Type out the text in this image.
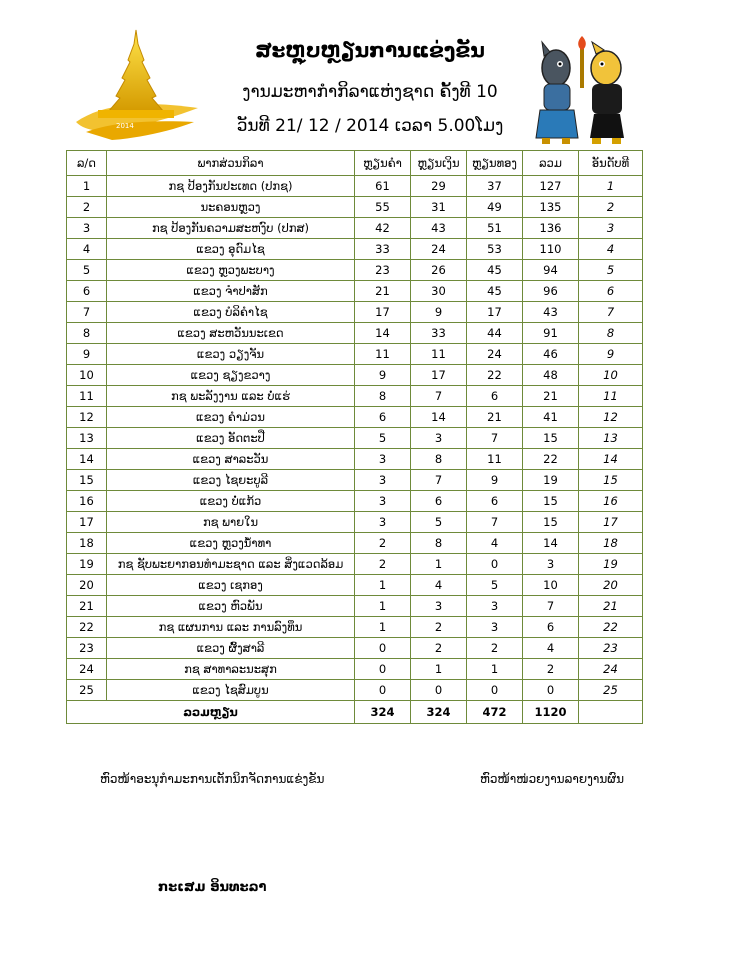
2014
ສະຫຼຸບຫຼຽນການແຂ່ງຂັນ
ງານມະຫາກຳກິລາແຫ່ງຊາດ ຄັ້ງທີ 10
ວັນທີ 21/ 12 / 2014 ເວລາ 5.00ໂມງ
ລ/ດ	ພາກສ່ວນກິລາ	ຫຼຽນຄຳ	ຫຼຽນເງິນ	ຫຼຽນທອງ	ລວມ	ອັນດັບທີ
1	ກຊ ປ້ອງກັນປະເທດ (ປກຊ)	61	29	37	127	1
2	ນະຄອນຫຼວງ	55	31	49	135	2
3	ກຊ ປ້ອງກັນຄວາມສະຫງົບ (ປກສ)	42	43	51	136	3
4	ແຂວງ ອຸດົມໄຊ	33	24	53	110	4
5	ແຂວງ ຫຼວງພະບາງ	23	26	45	94	5
6	ແຂວງ ຈຳປາສັກ	21	30	45	96	6
7	ແຂວງ ບໍລິຄຳໄຊ	17	9	17	43	7
8	ແຂວງ ສະຫວັນນະເຂດ	14	33	44	91	8
9	ແຂວງ ວຽງຈັນ	11	11	24	46	9
10	ແຂວງ ຊຽງຂວາງ	9	17	22	48	10
11	ກຊ ພະລັງງານ ແລະ ບໍ່ແຮ່	8	7	6	21	11
12	ແຂວງ ຄຳມ່ວນ	6	14	21	41	12
13	ແຂວງ ອັດຕະປື	5	3	7	15	13
14	ແຂວງ ສາລະວັນ	3	8	11	22	14
15	ແຂວງ ໄຊຍະບູລີ	3	7	9	19	15
16	ແຂວງ ບໍ່ແກ້ວ	3	6	6	15	16
17	ກຊ ພາຍໃນ	3	5	7	15	17
18	ແຂວງ ຫຼວງນ້ຳທາ	2	8	4	14	18
19	ກຊ ຊັບພະຍາກອນທຳມະຊາດ ແລະ ສິ່ງແວດລ້ອມ	2	1	0	3	19
20	ແຂວງ ເຊກອງ	1	4	5	10	20
21	ແຂວງ ຫົວພັນ	1	3	3	7	21
22	ກຊ ແຜນການ ແລະ ການລົງທຶນ	1	2	3	6	22
23	ແຂວງ ຜົ້ງສາລີ	0	2	2	4	23
24	ກຊ ສາທາລະນະສຸກ	0	1	1	2	24
25	ແຂວງ ໄຊສົມບູນ	0	0	0	0	25
ລວມຫຼຽນ		324	324	472	1120	
ຫົວໜ້າອະນຸກຳມະການເຕັກນິກຈັດການແຂ່ງຂັນ	ຫົວໜ້າໜ່ວຍງານລາຍງານຜົນ
ກະເສມ ອິນທະລາ
